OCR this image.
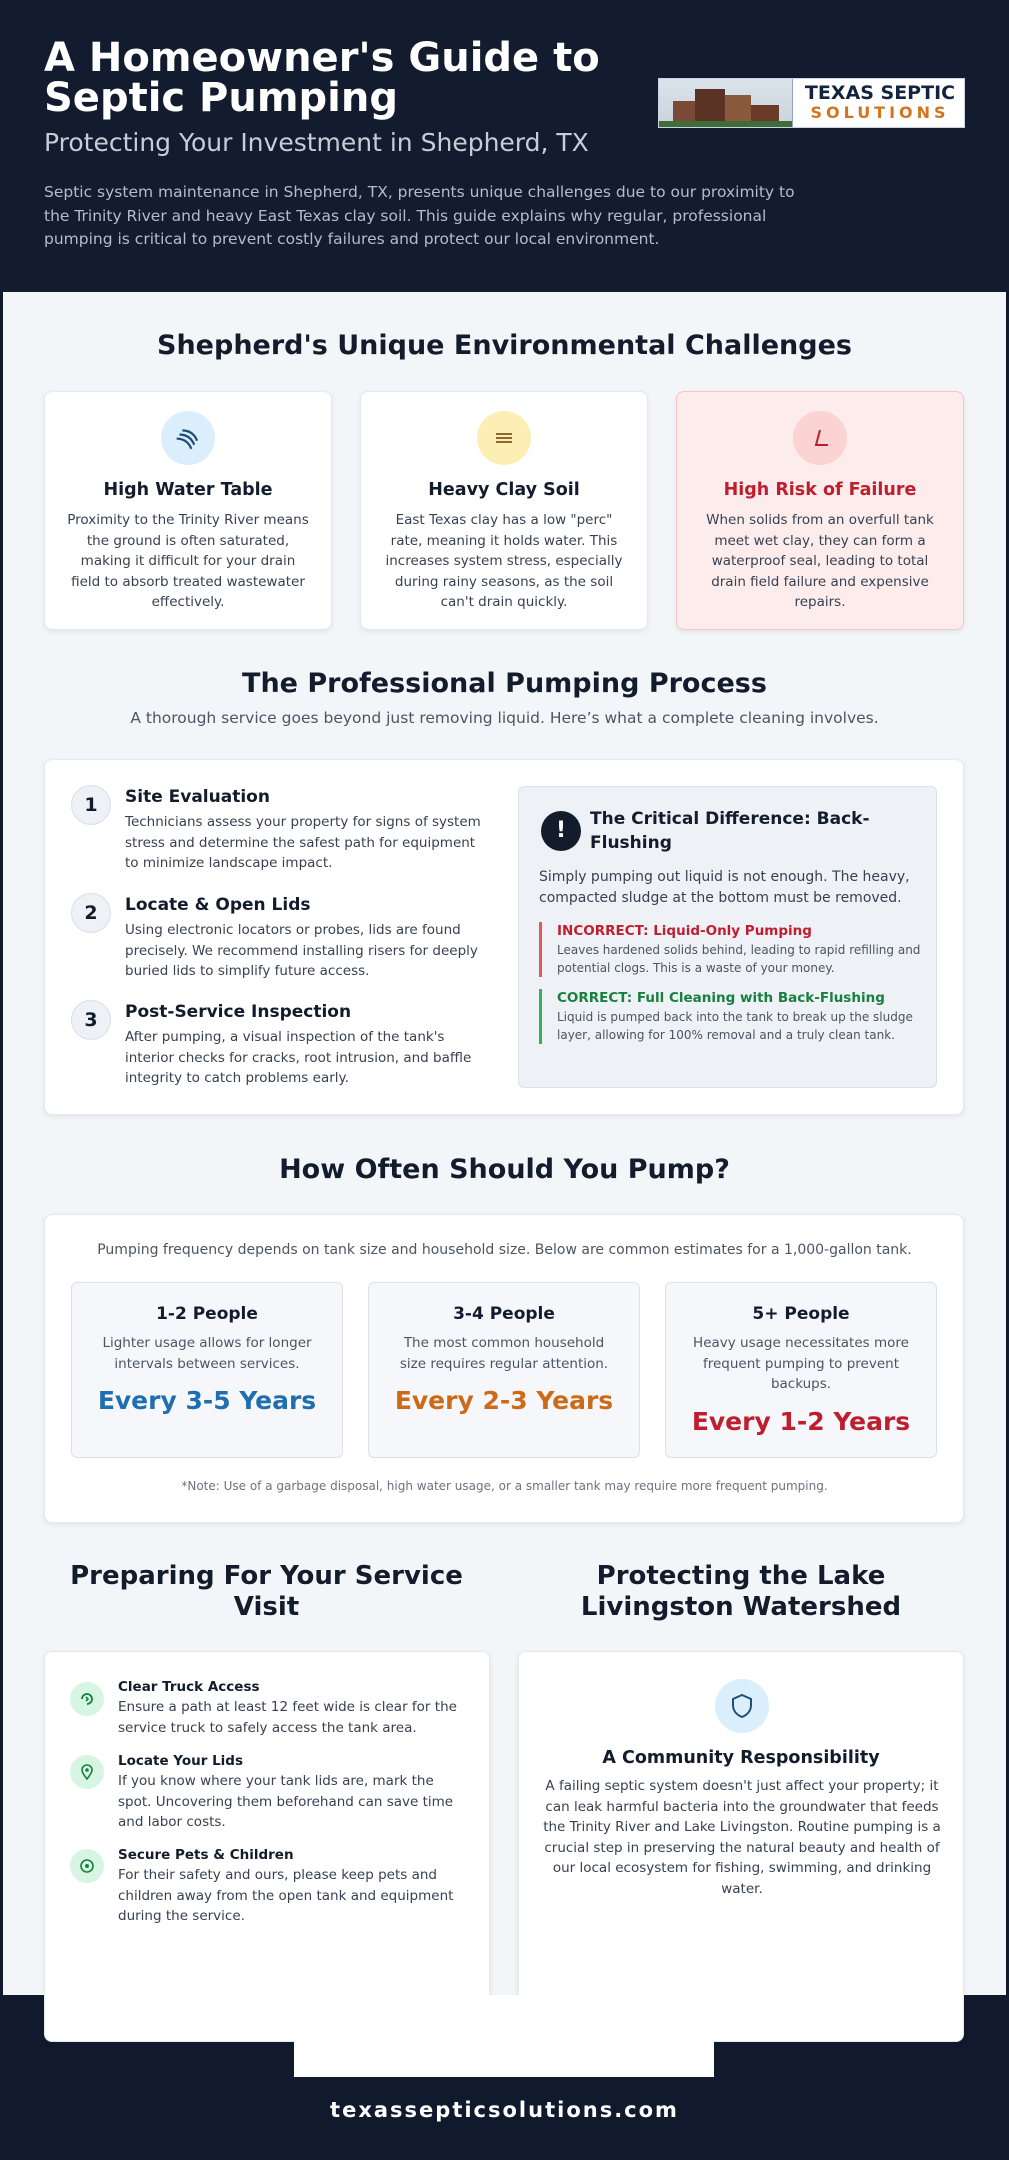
A Homeowner's Guide to Septic Pumping
Protecting Your Investment in Shepherd, TX
Septic system maintenance in Shepherd, TX, presents unique challenges due to our proximity to the Trinity River and heavy East Texas clay soil. This guide explains why regular, professional pumping is critical to prevent costly failures and protect our local environment.
TEXAS SEPTIC
SOLUTIONS
Shepherd's Unique Environmental Challenges
High Water Table
Proximity to the Trinity River means the ground is often saturated, making it difficult for your drain field to absorb treated wastewater effectively.
Heavy Clay Soil
East Texas clay has a low "perc" rate, meaning it holds water. This increases system stress, especially during rainy seasons, as the soil can't drain quickly.
High Risk of Failure
When solids from an overfull tank meet wet clay, they can form a waterproof seal, leading to total drain field failure and expensive repairs.
The Professional Pumping Process
A thorough service goes beyond just removing liquid. Here’s what a complete cleaning involves.
1	Site Evaluation
Technicians assess your property for signs of system stress and determine the safest path for equipment to minimize landscape impact.
2	Locate & Open Lids
Using electronic locators or probes, lids are found precisely. We recommend installing risers for deeply buried lids to simplify future access.
3	Post-Service Inspection
After pumping, a visual inspection of the tank's interior checks for cracks, root intrusion, and baffle integrity to catch problems early.
!	The Critical Difference: Back-Flushing
Simply pumping out liquid is not enough. The heavy, compacted sludge at the bottom must be removed.
INCORRECT: Liquid-Only Pumping
Leaves hardened solids behind, leading to rapid refilling and potential clogs. This is a waste of your money.
CORRECT: Full Cleaning with Back-Flushing
Liquid is pumped back into the tank to break up the sludge layer, allowing for 100% removal and a truly clean tank.
How Often Should You Pump?
Pumping frequency depends on tank size and household size. Below are common estimates for a 1,000-gallon tank.
1-2 People
Lighter usage allows for longer intervals between services.
Every 3-5 Years
3-4 People
The most common household size requires regular attention.
Every 2-3 Years
5+ People
Heavy usage necessitates more frequent pumping to prevent backups.
Every 1-2 Years
*Note: Use of a garbage disposal, high water usage, or a smaller tank may require more frequent pumping.
Preparing For Your Service Visit
Clear Truck Access
Ensure a path at least 12 feet wide is clear for the service truck to safely access the tank area.
Locate Your Lids
If you know where your tank lids are, mark the spot. Uncovering them beforehand can save time and labor costs.
Secure Pets & Children
For their safety and ours, please keep pets and children away from the open tank and equipment during the service.
Protecting the Lake Livingston Watershed
A Community Responsibility
A failing septic system doesn't just affect your property; it can leak harmful bacteria into the groundwater that feeds the Trinity River and Lake Livingston. Routine pumping is a crucial step in preserving the natural beauty and health of our local ecosystem for fishing, swimming, and drinking water.
texassepticsolutions.com
